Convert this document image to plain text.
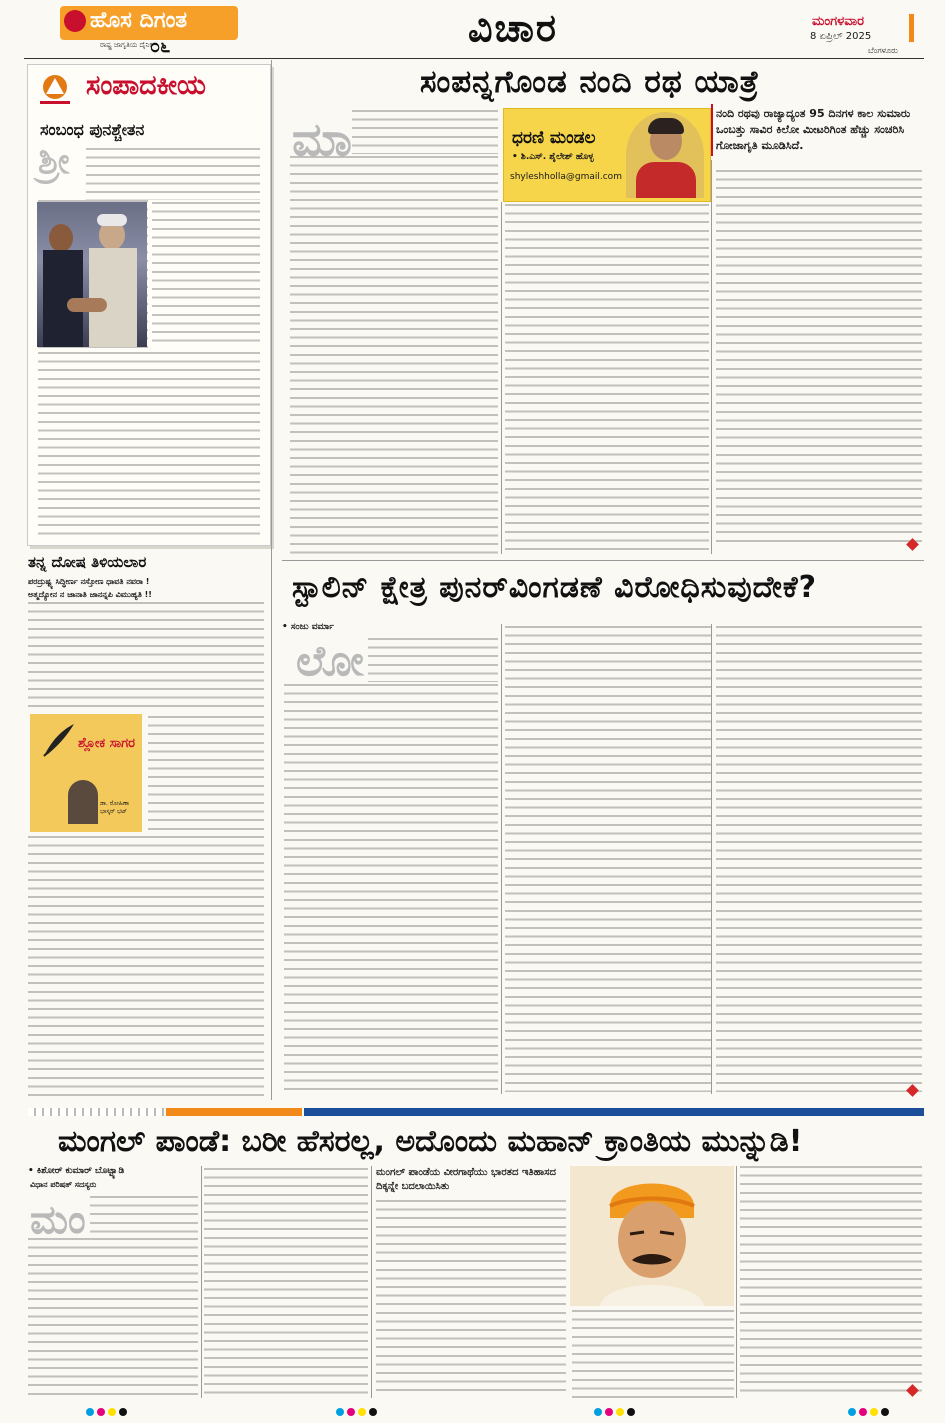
ಹೊಸ ದಿಗಂತ
ರಾಷ್ಟ್ರ ಜಾಗೃತಿಯ ದೈನಿಕ
೦೬	ವಿಚಾರ	ಮಂಗಳವಾರ
8 ಏಪ್ರಿಲ್ 2025
ಬೆಂಗಳೂರು
ಸಂಪಾದಕೀಯ
ಸಂಬಂಧ ಪುನಶ್ಚೇತನ
ಶ್ರೀ
ತನ್ನ ದೋಷ ತಿಳಿಯಲಾರ
ಪರದ್ರುಷ್ಟ್ಯ ಸಿದ್ಧೀರ್ಣ ನಸ್ತೋಣ ಧಾವತಿ ನವರಾ !
ಅತ್ಮದ್ಯೋನ ನ ಜಾನಾತಿ ಜಾನನ್ನಪಿ ವಿಮುಹ್ಯತಿ !!
ಶ್ಲೋಕ ಸಾಗರ
ಡಾ. ರೋಹಿಣಾ ಭಾಸ್ಕರ್ ಭಟ್
ಸಂಪನ್ನಗೊಂಡ ನಂದಿ ರಥ ಯಾತ್ರೆ
ಮಾ	ಧರಣಿ ಮಂಡಲ
• ಶಿ.ಎಸ್. ಶೈಲೇಶ್ ಹೊಳ್ಳ
shyleshholla@gmail.com
ನಂದಿ ರಥವು ರಾಜ್ಯಾದ್ಯಂತ 95 ದಿನಗಳ ಕಾಲ ಸುಮಾರು ಒಂಬತ್ತು ಸಾವಿರ ಕಿಲೋ ಮೀಟರಿಗಿಂತ ಹೆಚ್ಚು ಸಂಚರಿಸಿ ಗೋಜಾಗೃತಿ ಮೂಡಿಸಿದೆ.
ಸ್ಟಾಲಿನ್ ಕ್ಷೇತ್ರ ಪುನರ್‌ವಿಂಗಡಣೆ ವಿರೋಧಿಸುವುದೇಕೆ?
• ಸಂಜು ವರ್ಮಾ
ಲೋ
ಮಂಗಲ್ ಪಾಂಡೆ: ಬರೀ ಹೆಸರಲ್ಲ, ಅದೊಂದು ಮಹಾನ್ ಕ್ರಾಂತಿಯ ಮುನ್ನುಡಿ!
• ಕಿಶೋರ್ ಕುಮಾರ್ ಬೊಟ್ಟ್ಯಾಡಿ
ವಿಧಾನ ಪರಿಷತ್ ಸದಸ್ಯರು
ಮಂ
ಮಂಗಲ್ ಪಾಂಡೆಯ ವೀರಗಾಥೆಯು ಭಾರತದ ಇತಿಹಾಸದ ದಿಕ್ಕನ್ನೇ ಬದಲಾಯಿಸಿತು
